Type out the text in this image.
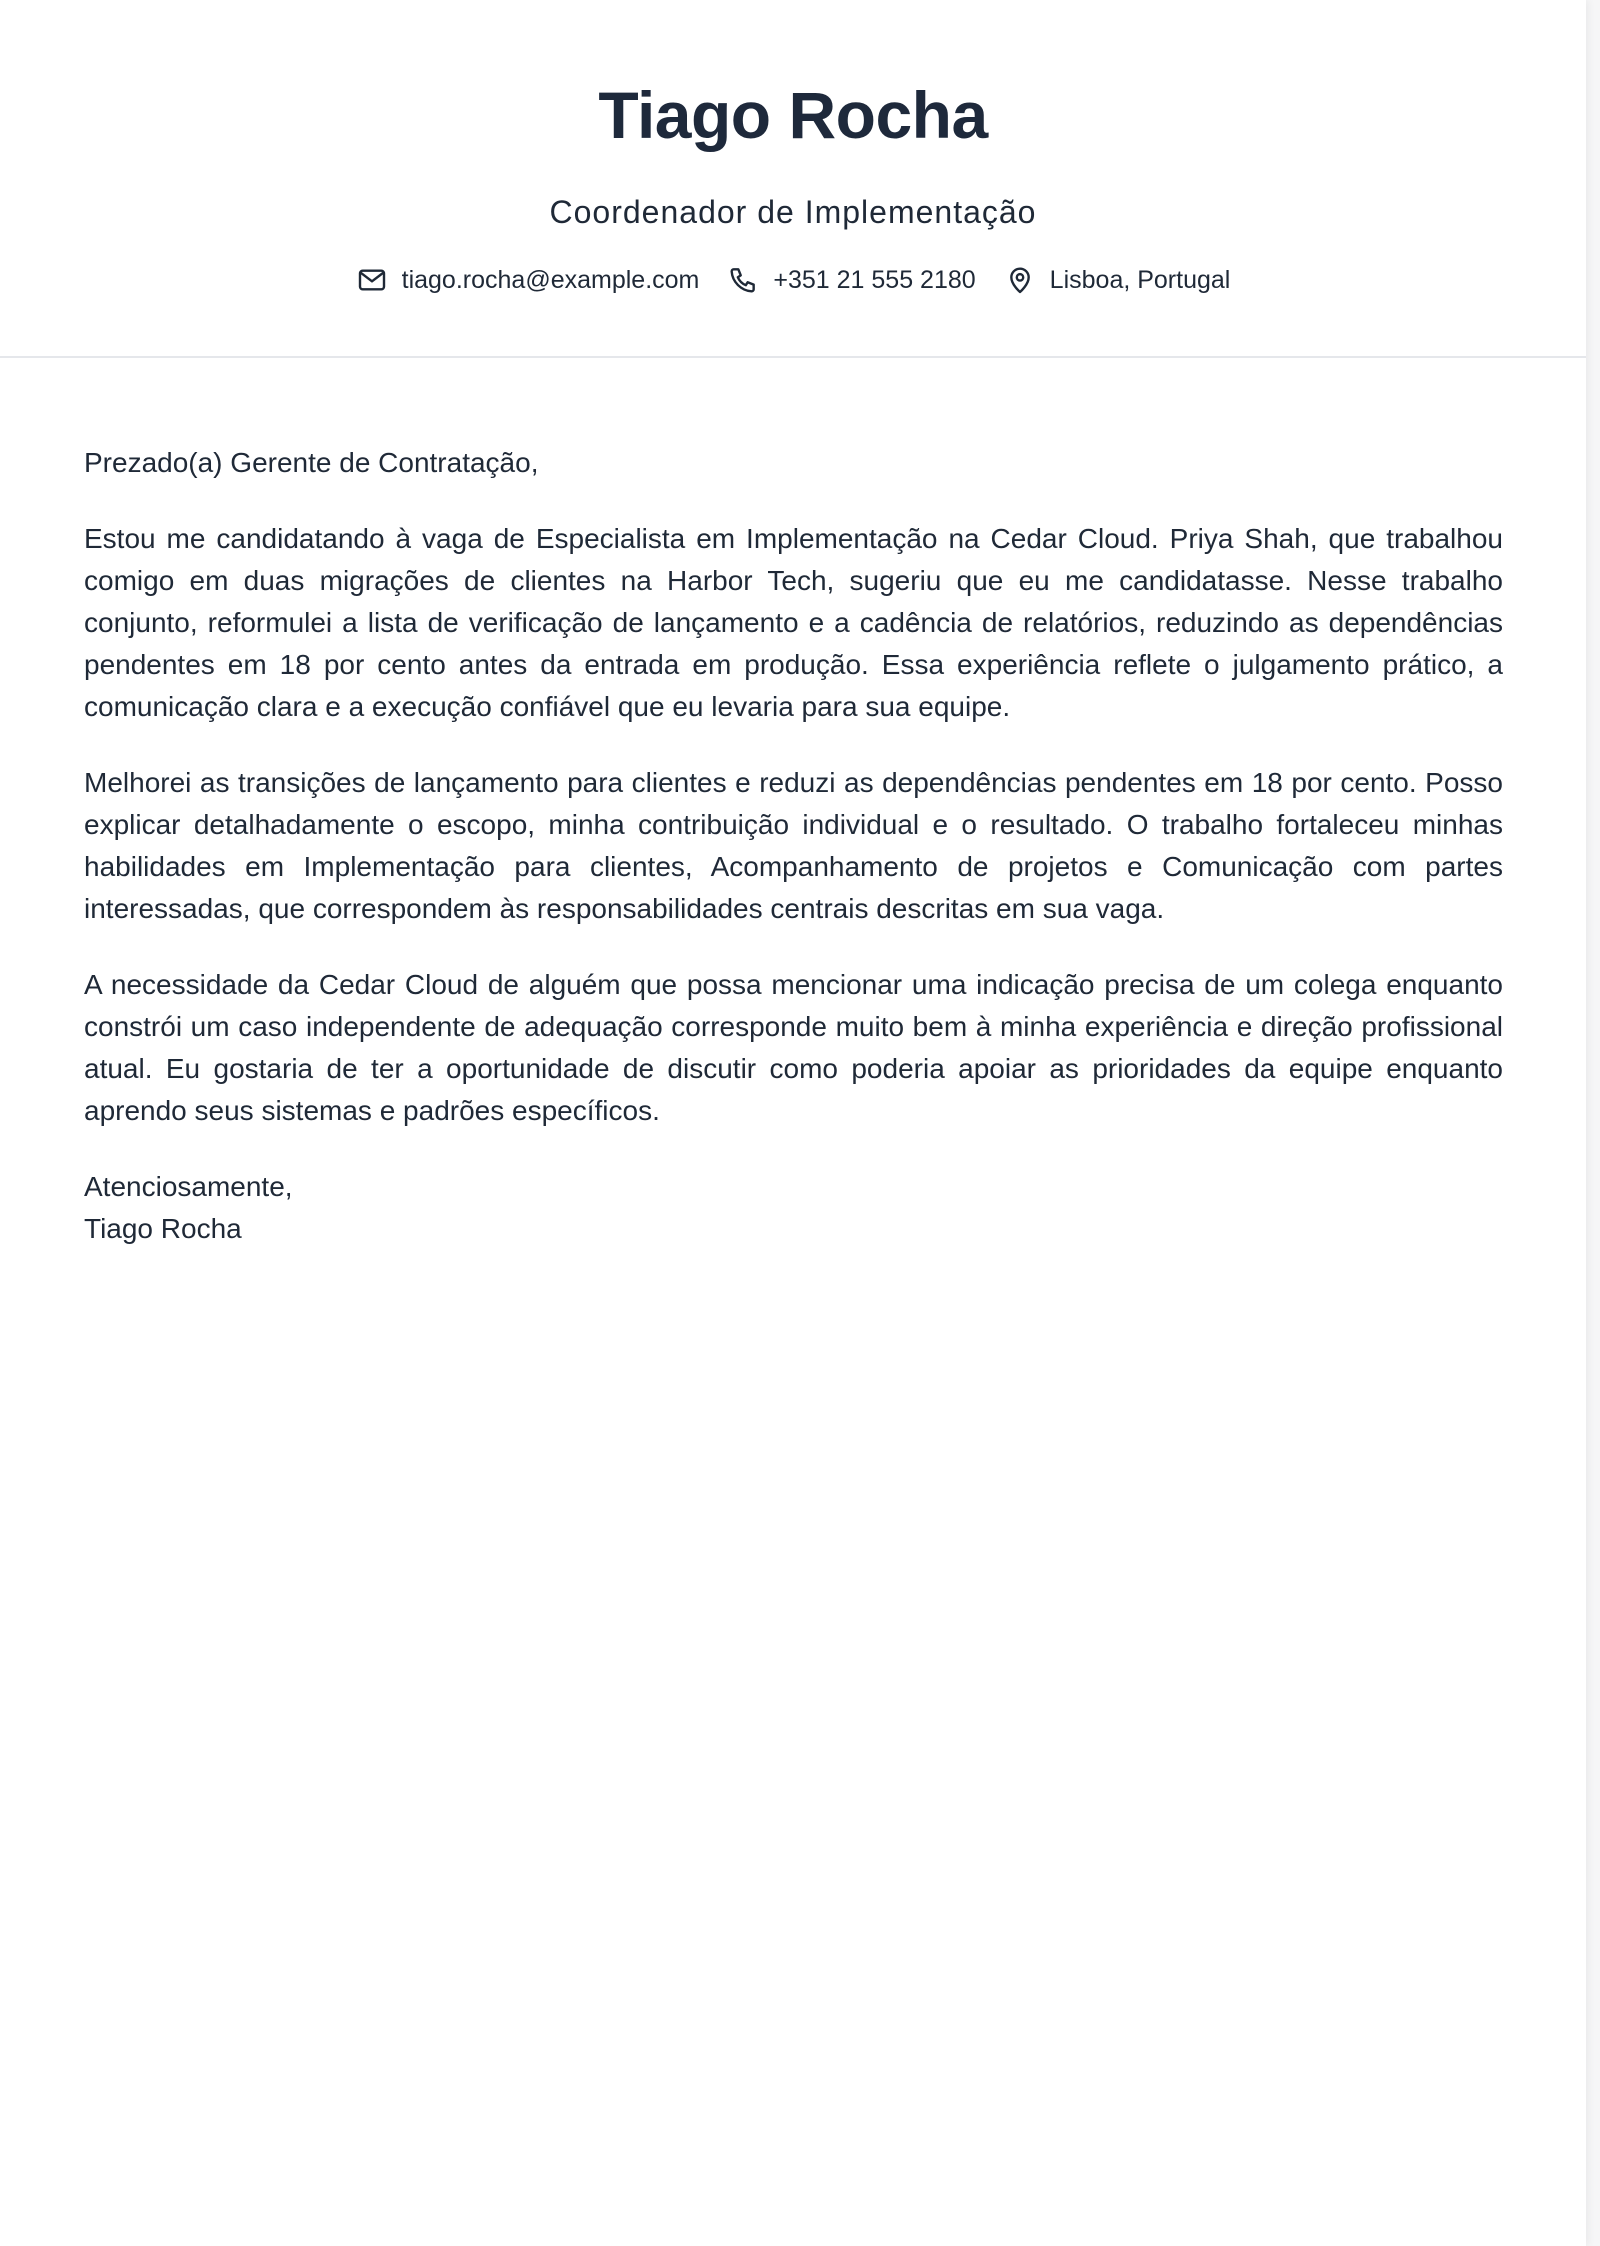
Tiago Rocha
Coordenador de Implementação
tiago.rocha@example.com	+351 21 555 2180	Lisboa, Portugal

Prezado(a) Gerente de Contratação,

Estou me candidatando à vaga de Especialista em Implementação na Cedar Cloud. Priya Shah, que trabalhou comigo em duas migrações de clientes na Harbor Tech, sugeriu que eu me candidatasse. Nesse trabalho conjunto, reformulei a lista de verificação de lançamento e a cadência de relatórios, reduzindo as dependências pendentes em 18 por cento antes da entrada em produção. Essa experiência reflete o julgamento prático, a comunicação clara e a execução confiável que eu levaria para sua equipe.

Melhorei as transições de lançamento para clientes e reduzi as dependências pendentes em 18 por cento. Posso explicar detalhadamente o escopo, minha contribuição individual e o resultado. O trabalho fortaleceu minhas habilidades em Implementação para clientes, Acompanhamento de projetos e Comunicação com partes interessadas, que correspondem às responsabilidades centrais descritas em sua vaga.

A necessidade da Cedar Cloud de alguém que possa mencionar uma indicação precisa de um colega enquanto constrói um caso independente de adequação corresponde muito bem à minha experiência e direção profissional atual. Eu gostaria de ter a oportunidade de discutir como poderia apoiar as prioridades da equipe enquanto aprendo seus sistemas e padrões específicos.

Atenciosamente,
Tiago Rocha
